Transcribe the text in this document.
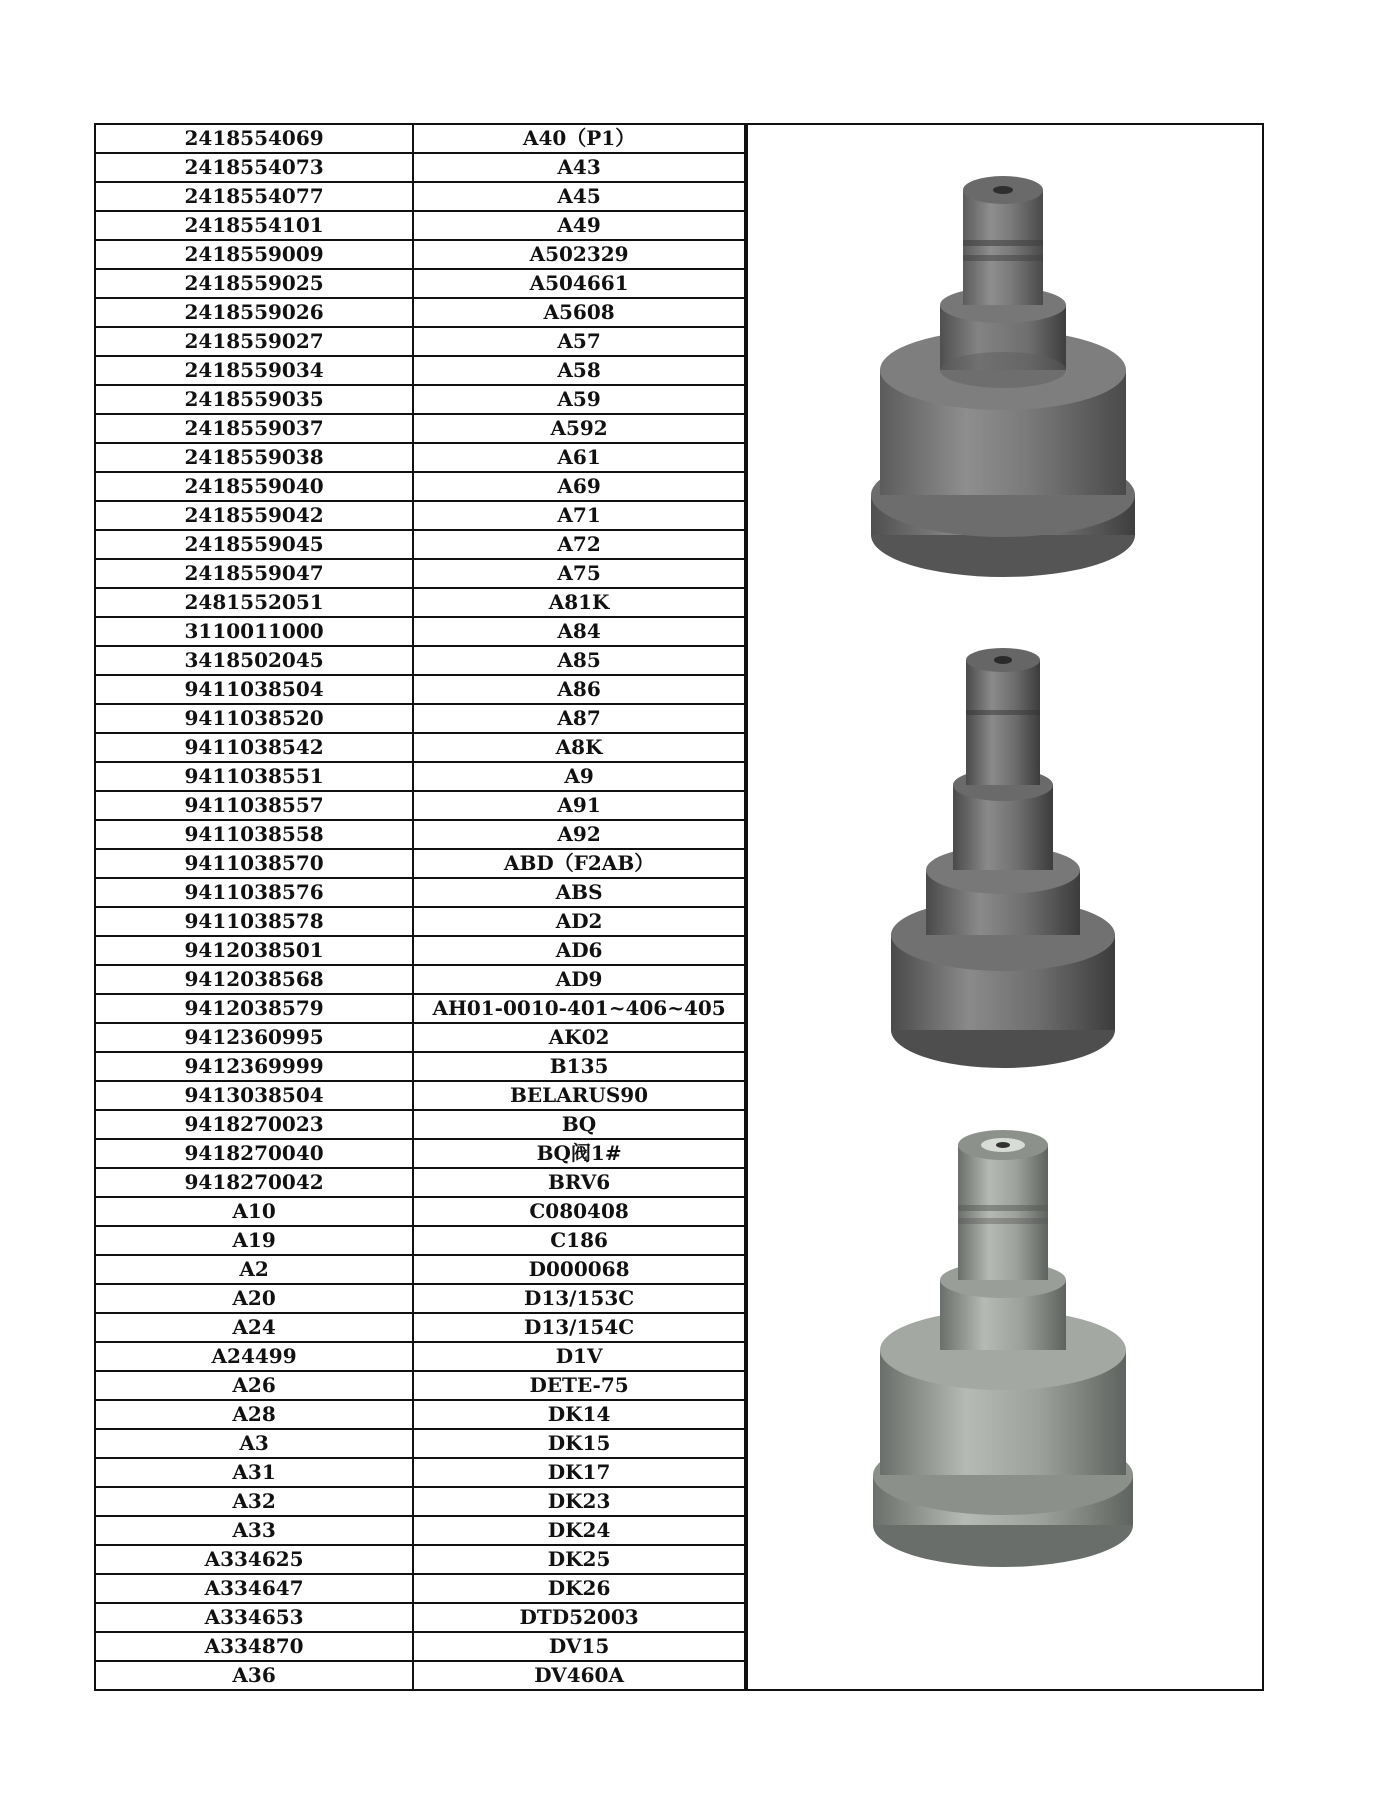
2418554069	A40（P1）
2418554073	A43
2418554077	A45
2418554101	A49
2418559009	A502329
2418559025	A504661
2418559026	A5608
2418559027	A57
2418559034	A58
2418559035	A59
2418559037	A592
2418559038	A61
2418559040	A69
2418559042	A71
2418559045	A72
2418559047	A75
2481552051	A81K
3110011000	A84
3418502045	A85
9411038504	A86
9411038520	A87
9411038542	A8K
9411038551	A9
9411038557	A91
9411038558	A92
9411038570	ABD（F2AB）
9411038576	ABS
9411038578	AD2
9412038501	AD6
9412038568	AD9
9412038579	AH01-0010-401~406~405
9412360995	AK02
9412369999	B135
9413038504	BELARUS90
9418270023	BQ
9418270040	BQ阀1#
9418270042	BRV6
A10	C080408
A19	C186
A2	D000068
A20	D13/153C
A24	D13/154C
A24499	D1V
A26	DETE-75
A28	DK14
A3	DK15
A31	DK17
A32	DK23
A33	DK24
A334625	DK25
A334647	DK26
A334653	DTD52003
A334870	DV15
A36	DV460A
